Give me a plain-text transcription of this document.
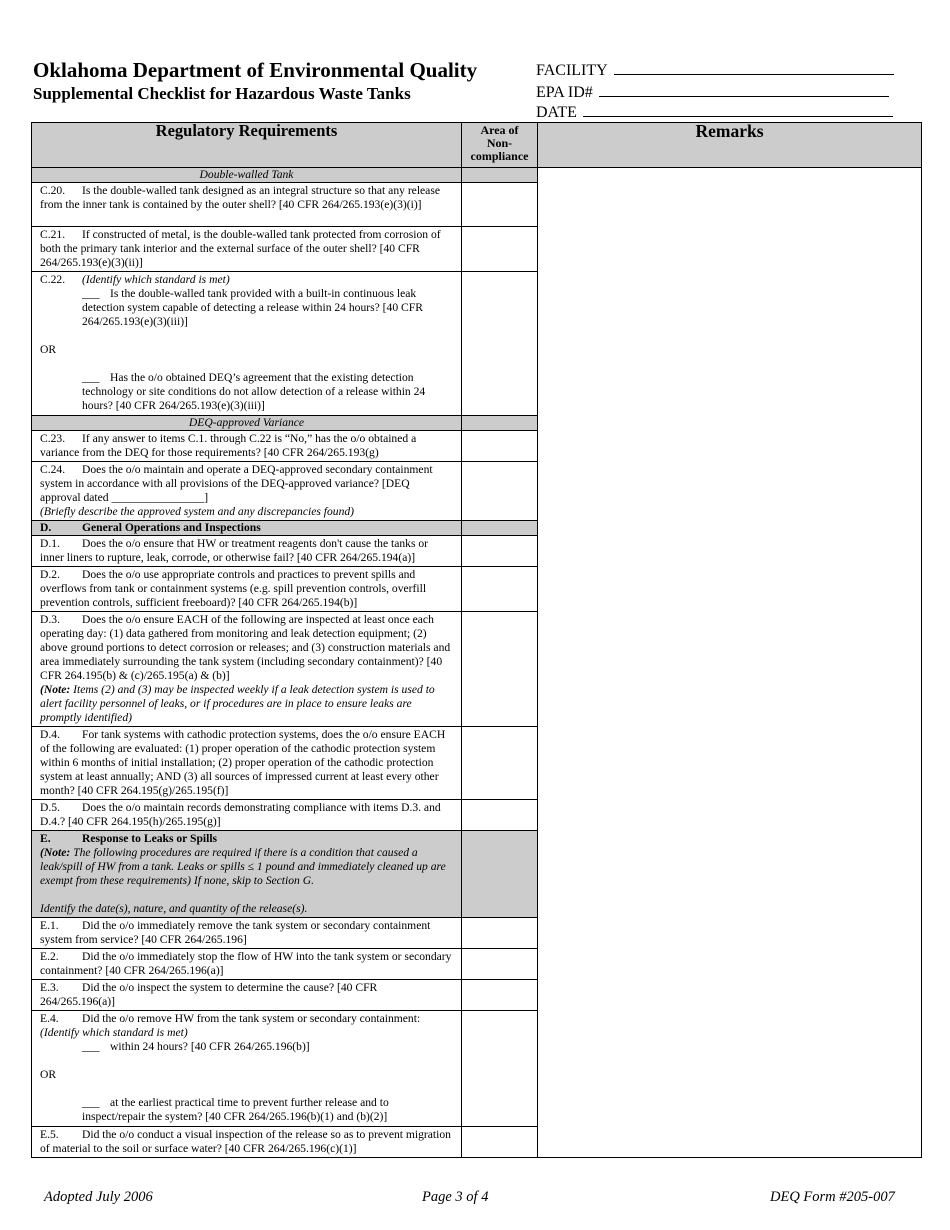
Oklahoma Department of Environmental Quality
Supplemental Checklist for Hazardous Waste Tanks
FACILITY
EPA ID#
DATE
Regulatory Requirements	Area of Non-compliance	Remarks
Double-walled Tank		
C.20. Is the double-walled tank designed as an integral structure so that any release from the inner tank is contained by the outer shell? [40 CFR 264/265.193(e)(3)(i)]		
C.21. If constructed of metal, is the double-walled tank protected from corrosion of both the primary tank interior and the external surface of the outer shell? [40 CFR 264/265.193(e)(3)(ii)]		

C.22. (Identify which standard is met)
___ Is the double-walled tank provided with a built-in continuous leak detection system capable of detecting a release within 24 hours? [40 CFR 264/265.193(e)(3)(iii)]
OR
___ Has the o/o obtained DEQ’s agreement that the existing detection technology or site conditions do not allow detection of a release within 24 hours? [40 CFR 264/265.193(e)(3)(iii)]		

DEQ-approved Variance		
C.23. If any answer to items C.1. through C.22 is “No,” has the o/o obtained a variance from the DEQ for those requirements? [40 CFR 264/265.193(g)		
C.24. Does the o/o maintain and operate a DEQ-approved secondary containment system in accordance with all provisions of the DEQ-approved variance? [DEQ approval dated ________________]
(Briefly describe the approved system and any discrepancies found)		

D. General Operations and Inspections		
D.1. Does the o/o ensure that HW or treatment reagents don't cause the tanks or inner liners to rupture, leak, corrode, or otherwise fail? [40 CFR 264/265.194(a)]		
D.2. Does the o/o use appropriate controls and practices to prevent spills and overflows from tank or containment systems (e.g. spill prevention controls, overfill prevention controls, sufficient freeboard)? [40 CFR 264/265.194(b)]		
D.3. Does the o/o ensure EACH of the following are inspected at least once each operating day: (1) data gathered from monitoring and leak detection equipment; (2) above ground portions to detect corrosion or releases; and (3) construction materials and area immediately surrounding the tank system (including secondary containment)? [40 CFR 264.195(b) & (c)/265.195(a) & (b)]
(Note: Items (2) and (3) may be inspected weekly if a leak detection system is used to alert facility personnel of leaks, or if procedures are in place to ensure leaks are promptly identified)		

D.4. For tank systems with cathodic protection systems, does the o/o ensure EACH of the following are evaluated: (1) proper operation of the cathodic protection system within 6 months of initial installation; (2) proper operation of the cathodic protection system at least annually; AND (3) all sources of impressed current at least every other month? [40 CFR 264.195(g)/265.195(f)]		
D.5. Does the o/o maintain records demonstrating compliance with items D.3. and D.4.? [40 CFR 264.195(h)/265.195(g)]		

E. Response to Leaks or Spills
(Note: The following procedures are required if there is a condition that caused a leak/spill of HW from a tank. Leaks or spills ≤ 1 pound and immediately cleaned up are exempt from these requirements) If none, skip to Section G.
Identify the date(s), nature, and quantity of the release(s).		

E.1. Did the o/o immediately remove the tank system or secondary containment system from service? [40 CFR 264/265.196]		
E.2. Did the o/o immediately stop the flow of HW into the tank system or secondary containment? [40 CFR 264/265.196(a)]		
E.3. Did the o/o inspect the system to determine the cause? [40 CFR 264/265.196(a)]		

E.4. Did the o/o remove HW from the tank system or secondary containment:
(Identify which standard is met)
___ within 24 hours? [40 CFR 264/265.196(b)]
OR
___ at the earliest practical time to prevent further release and to inspect/repair the system? [40 CFR 264/265.196(b)(1) and (b)(2)]		

E.5. Did the o/o conduct a visual inspection of the release so as to prevent migration of material to the soil or surface water? [40 CFR 264/265.196(c)(1)]		
Adopted July 2006	Page 3 of 4	DEQ Form #205-007
